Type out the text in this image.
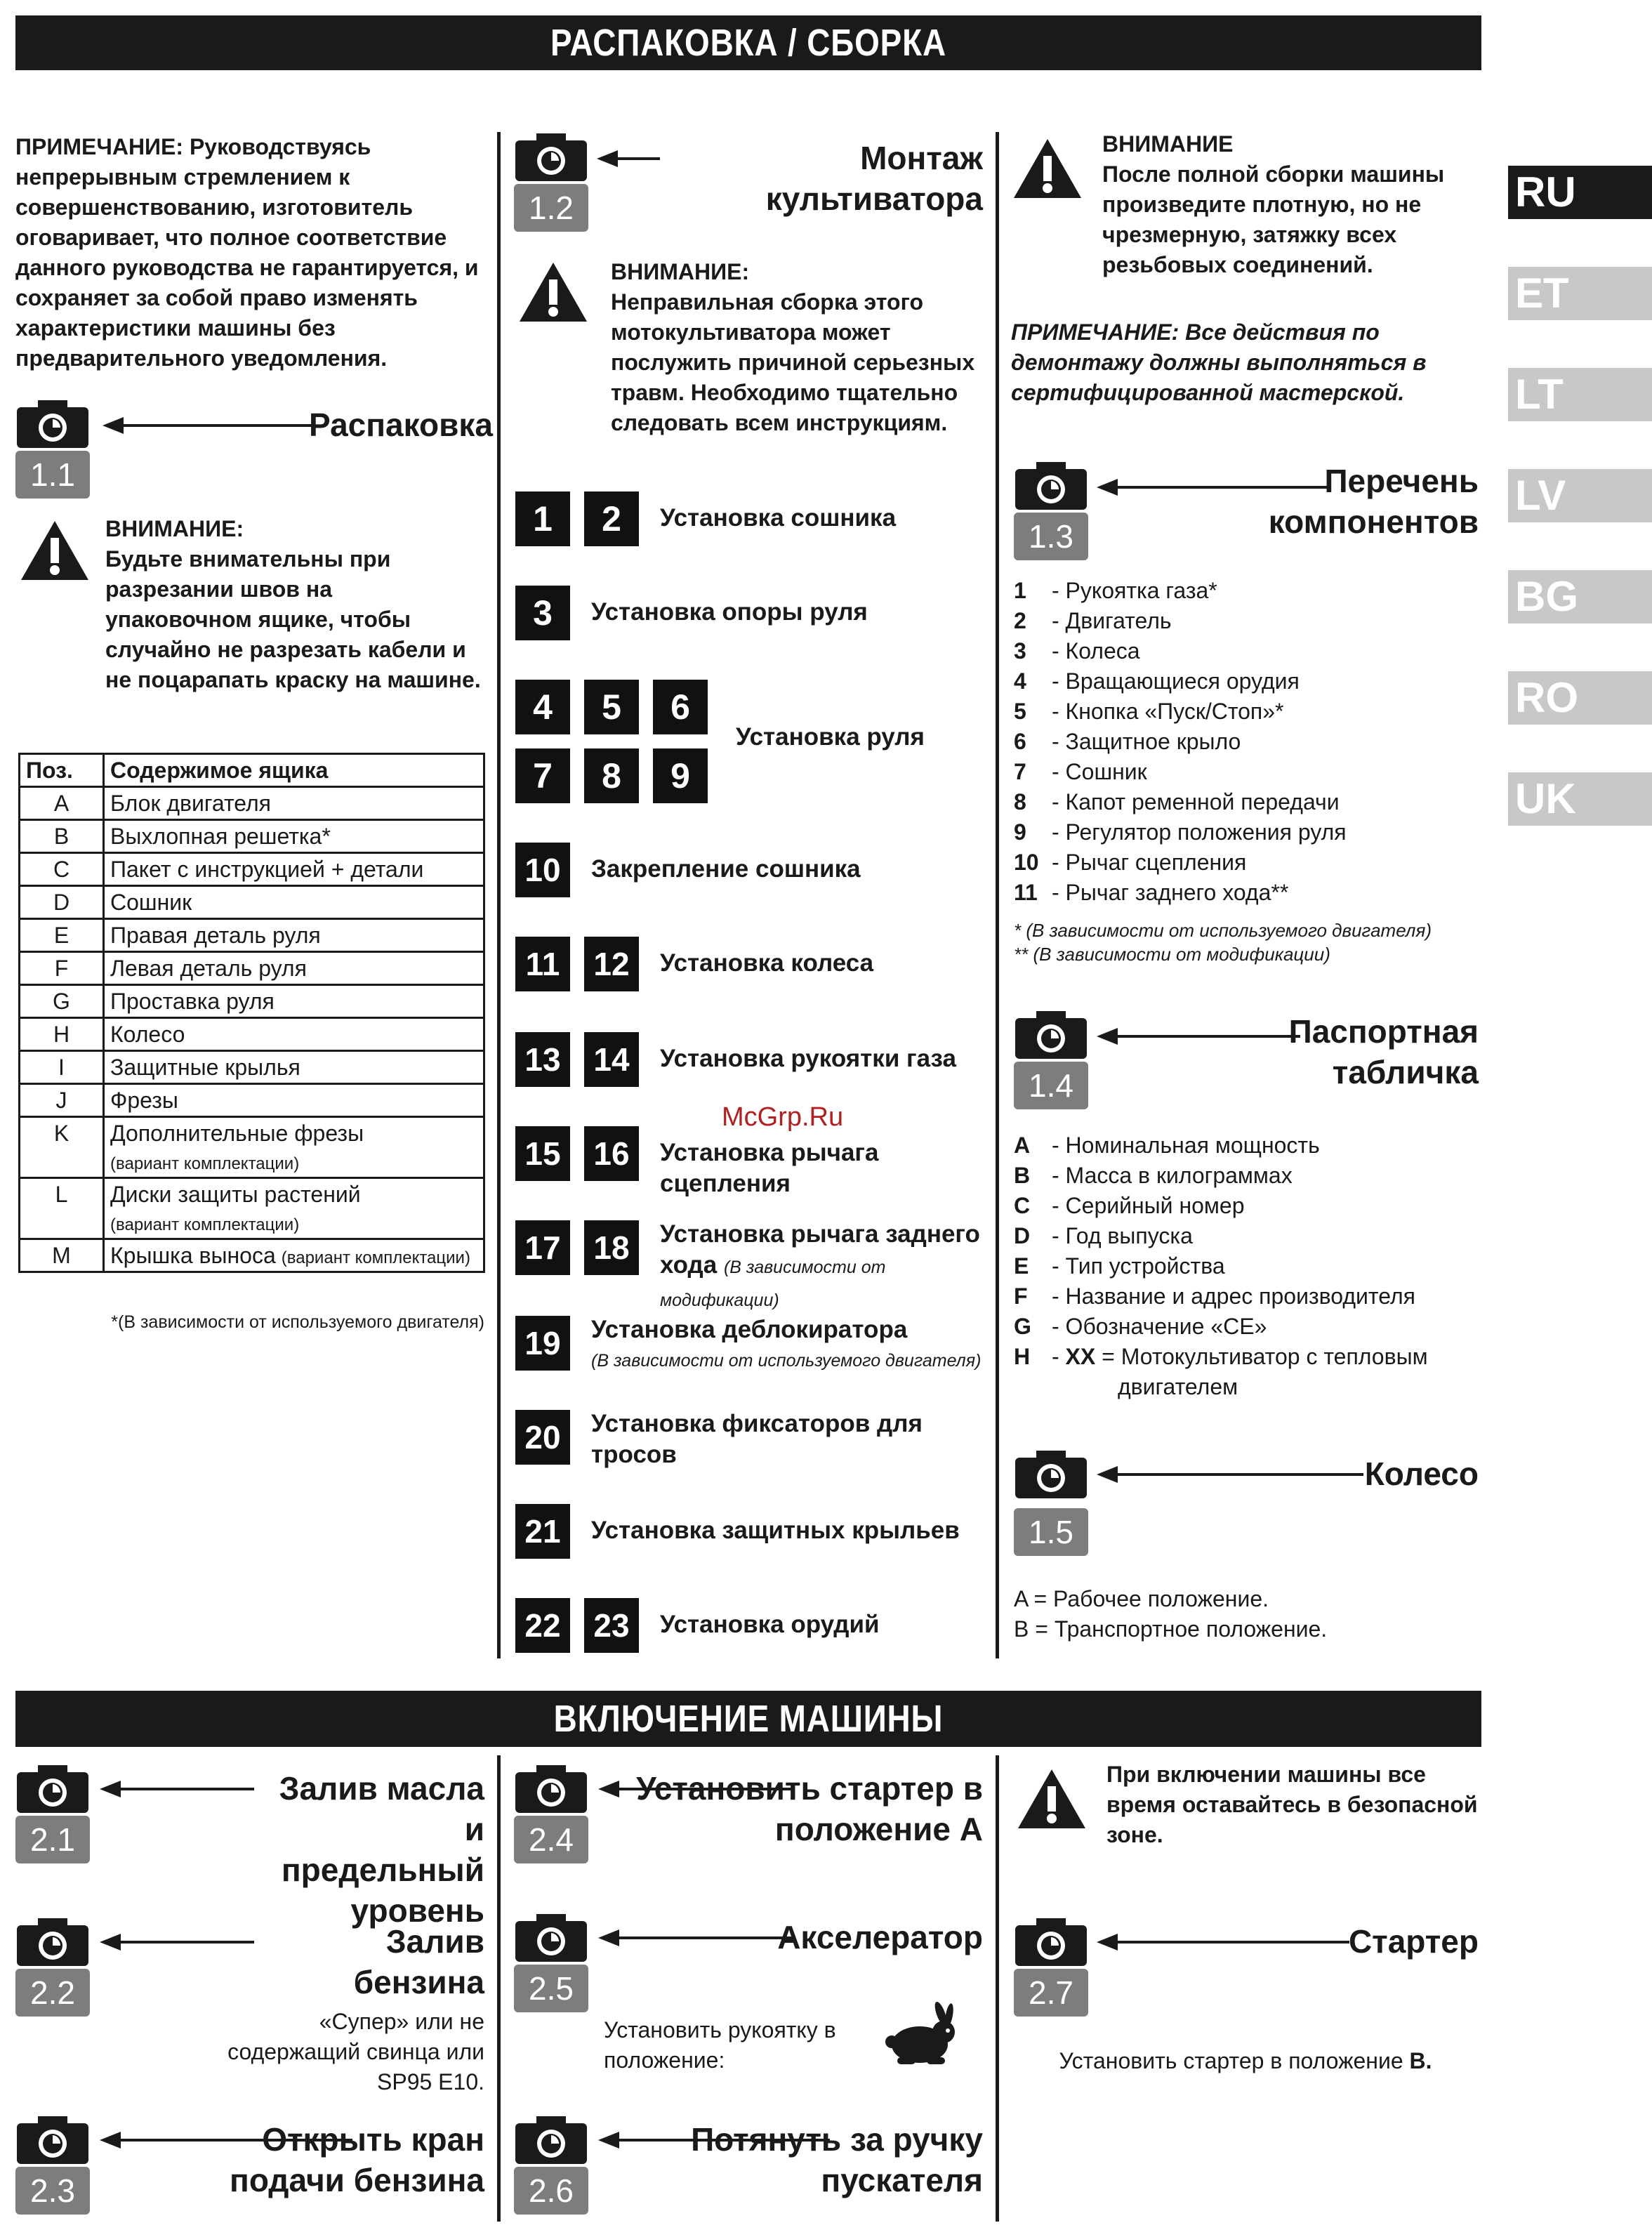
РАСПАКОВКА / СБОРКА
ВКЛЮЧЕНИЕ МАШИНЫ
RU
ET
LT
LV
BG
RO
UK
ПРИМЕЧАНИЕ: Руководствуясь непрерывным стремлением к совершенствованию, изготовитель оговаривает, что полное соответствие данного руководства не гарантируется, и сохраняет за собой право изменять характеристики машины без предварительного уведомления.
1.1
Распаковка
ВНИМАНИЕ:
Будьте внимательны при разрезании швов на упаковочном ящике, чтобы случайно не разрезать кабели и не поцарапать краску на машине.
Поз.	Содержимое ящика
A	Блок двигателя
B	Выхлопная решетка*
C	Пакет с инструкцией + детали
D	Сошник
E	Правая деталь руля
F	Левая деталь руля
G	Проставка руля
H	Колесо
I	Защитные крылья
J	Фрезы
K	Дополнительные фрезы
(вариант комплектации)
L	Диски защиты растений
(вариант комплектации)
M	Крышка выноса (вариант комплектации)
*(В зависимости от используемого двигателя)
1.2
Монтаж культиватора
ВНИМАНИЕ:
Неправильная сборка этого мотокультиватора может послужить причиной серьезных травм. Необходимо тщательно следовать всем инструкциям.
1	2	Установка сошника
3	Установка опоры руля
4	5	6
7	8	9
Установка руля
10	Закрепление сошника
11	12	Установка колеса
13 14	Установка рукоятки газа
15 16	Установка рычага сцепления
17 18	Установка рычага заднего хода (В зависимости от модификации)
19	Установка деблокиратора
(В зависимости от используемого двигателя)
20	Установка фиксаторов для тросов
21	Установка защитных крыльев
22 23	Установка орудий
ВНИМАНИЕ
После полной сборки машины произведите плотную, но не чрезмерную, затяжку всех резьбовых соединений.
ПРИМЕЧАНИЕ: Все действия по демонтажу должны выполняться в сертифицированной мастерской.
1.3
Перечень компонентов
1 - Рукоятка газа*
2 - Двигатель
3 - Колеса
4 - Вращающиеся орудия
5 - Кнопка «Пуск/Стоп»*
6 - Защитное крыло
7 - Сошник
8 - Капот ременной передачи
9 - Регулятор положения руля
10 - Рычаг сцепления
11 - Рычаг заднего хода**
* (В зависимости от используемого двигателя)
** (В зависимости от модификации)
1.4
Паспортная табличка
A - Номинальная мощность
B - Масса в килограммах
C - Серийный номер
D - Год выпуска
E - Тип устройства
F - Название и адрес производителя
G - Обозначение «CE»
H - XX = Мотокультиватор с тепловым
двигателем
1.5
Колесо
A = Рабочее положение.
B = Транспортное положение.
2.1
Залив масла и предельный уровень
2.2
Залив бензина
«Супер» или не содержащий свинца или SP95 E10.
2.3
Открыть кран подачи бензина
2.4
Установить стартер в положение A
2.5
Акселератор
Установить рукоятку в положение:
2.6
Потянуть за ручку пускателя
При включении машины все время оставайтесь в безопасной зоне.
2.7
Стартер
Установить стартер в положение B.
McGrp.Ru
